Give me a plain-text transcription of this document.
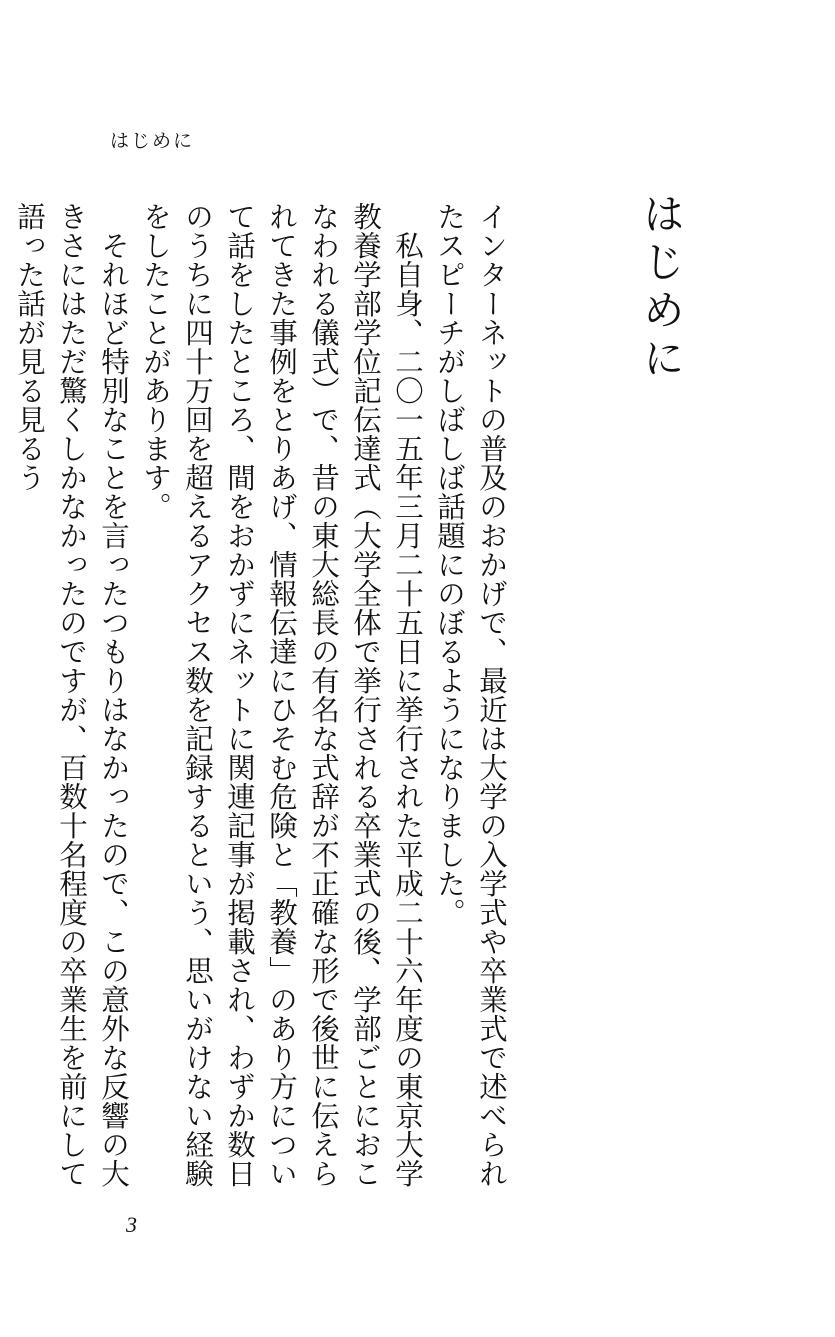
はじめに
はじめに

インターネットの普及のおかげで、最近は大学の入学式や卒業式で述べられたスピーチがしばしば話題にのぼるようになりました。

私自身、二〇一五年三月二十五日に挙行された平成二十六年度の東京大学教養学部学位記伝達式（大学全体で挙行される卒業式の後、学部ごとにおこなわれる儀式）で、昔の東大総長の有名な式辞が不正確な形で後世に伝えられてきた事例をとりあげ、情報伝達にひそむ危険と「教養」のあり方について話をしたところ、間をおかずにネットに関連記事が掲載され、わずか数日のうちに四十万回を超えるアクセス数を記録するという、思いがけない経験をしたことがあります。

それほど特別なことを言ったつもりはなかったので、この意外な反響の大きさにはただ驚くしかなかったのですが、百数十名程度の卒業生を前にして語った話が見る見るう

3
